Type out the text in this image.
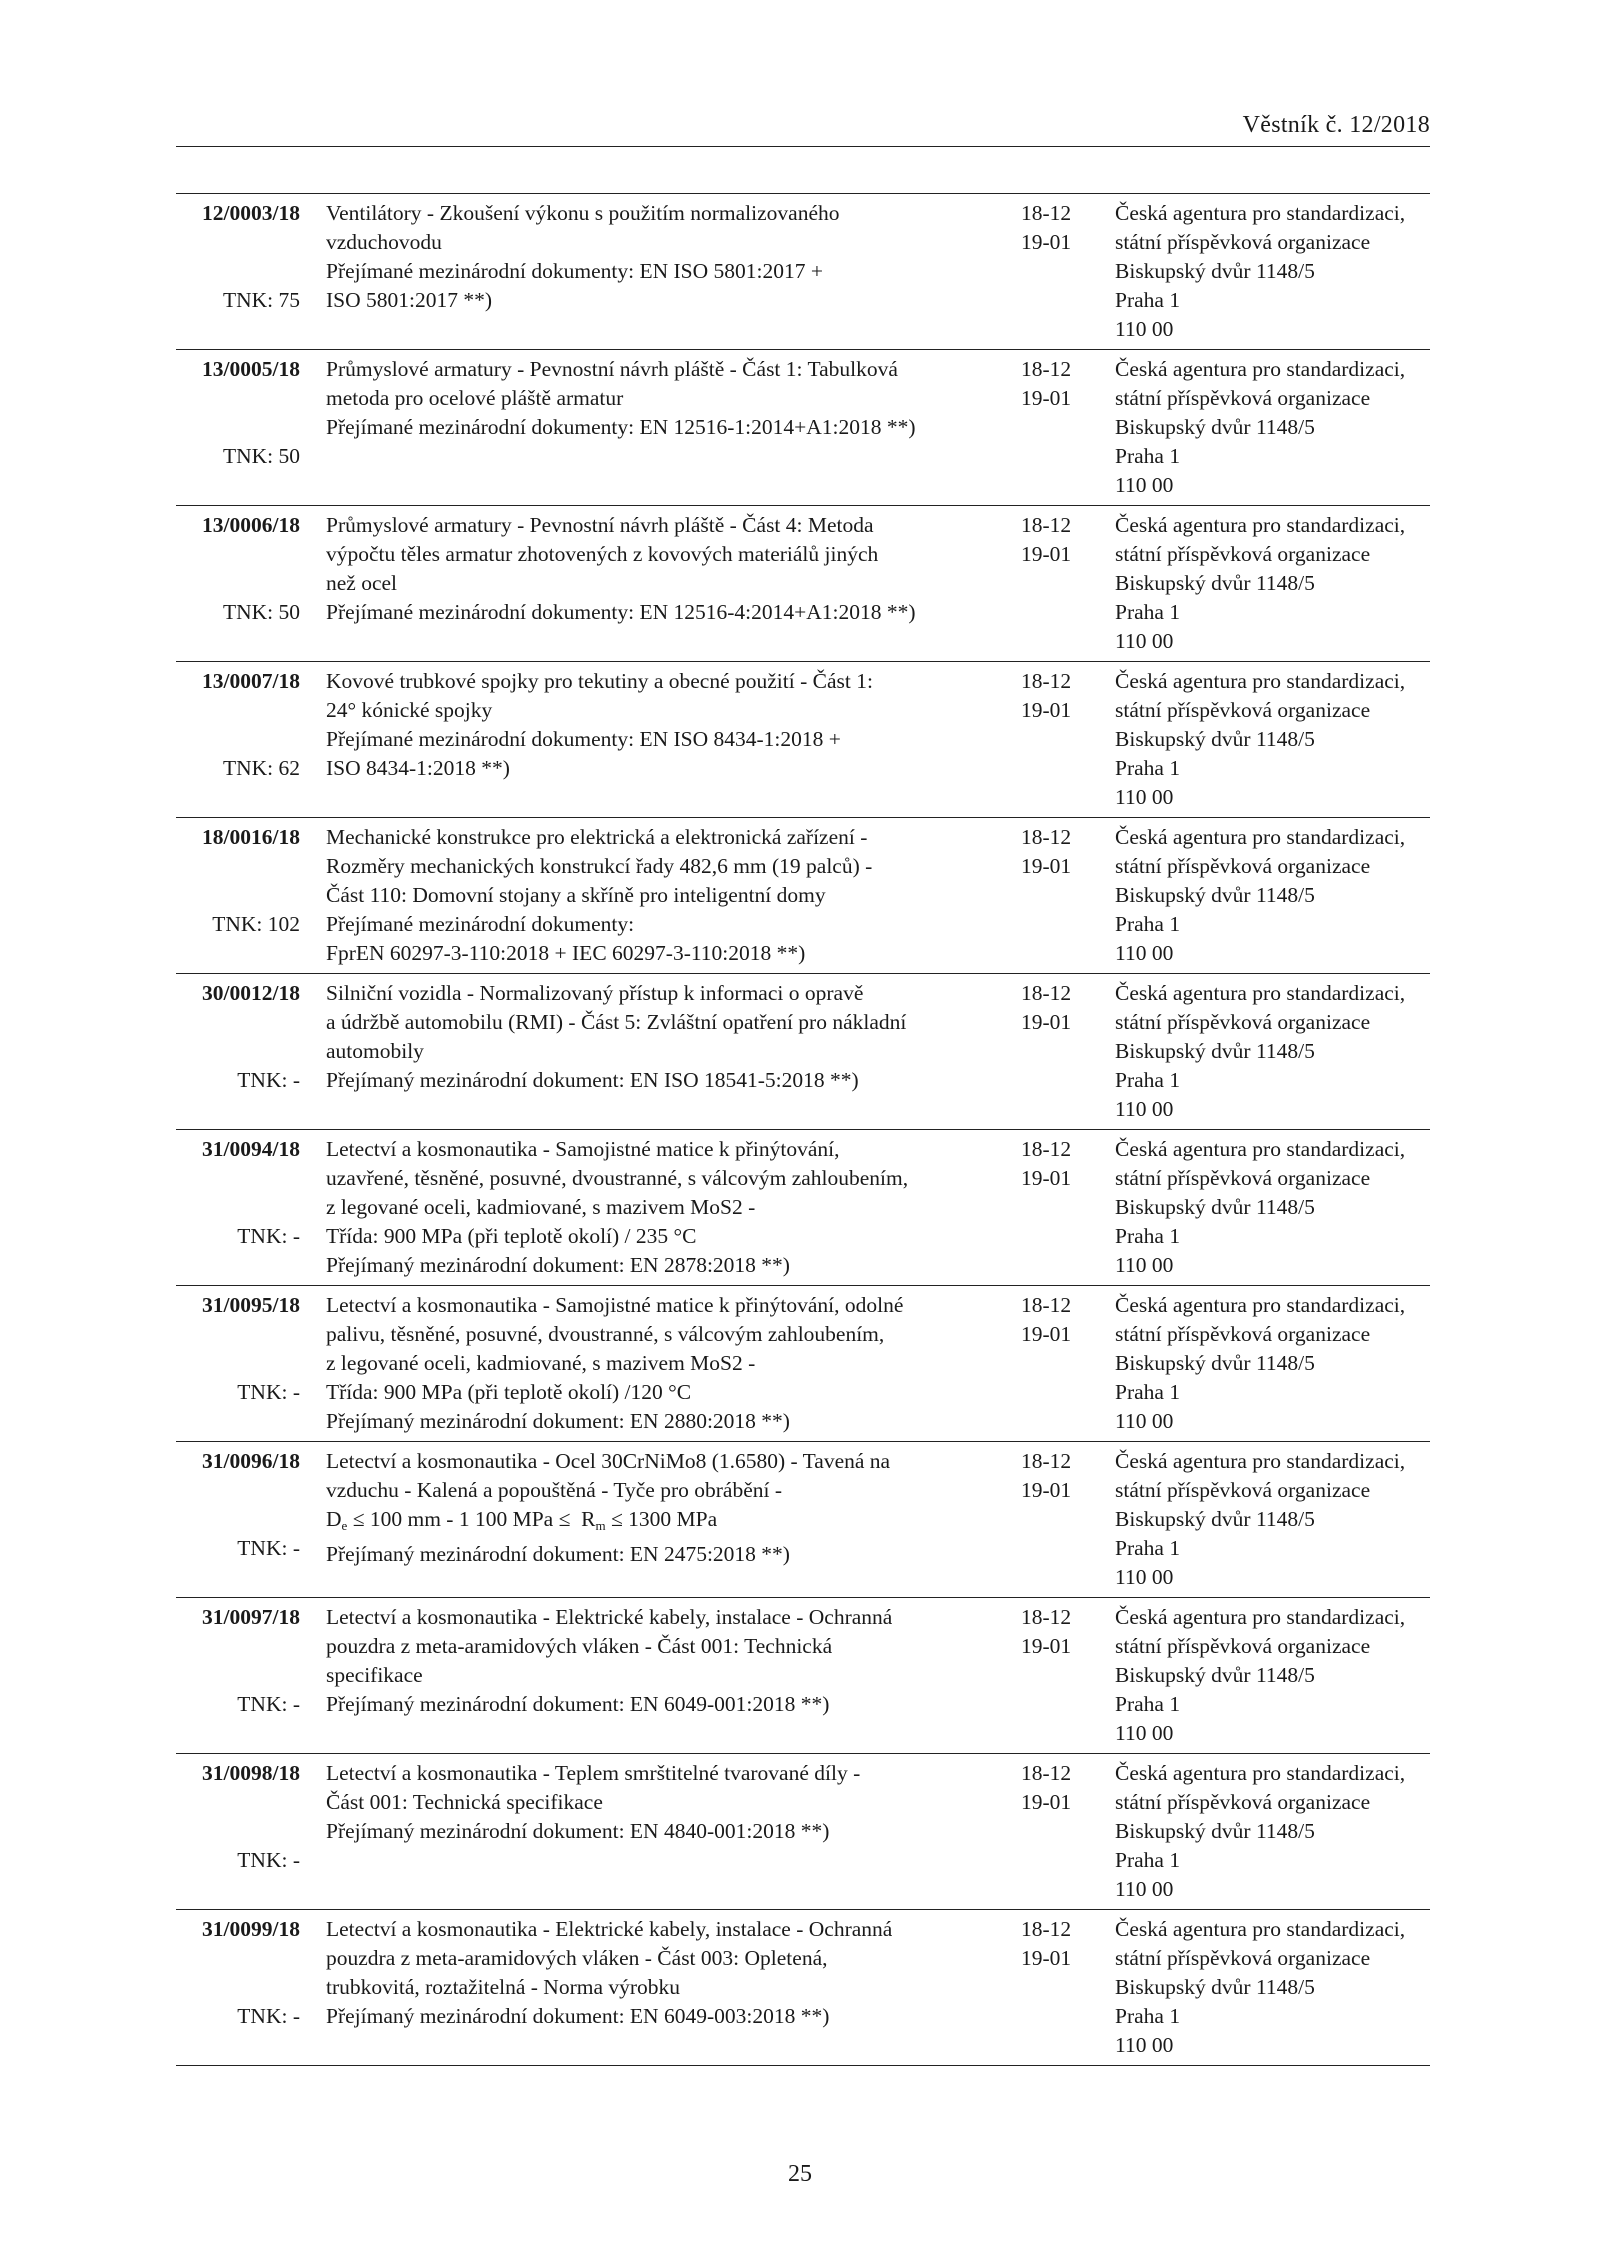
Věstník č. 12/2018
12/0003/18
TNK: 75
Ventilátory - Zkoušení výkonu s použitím normalizovaného
vzduchovodu
Přejímané mezinárodní dokumenty: EN ISO 5801:2017 +
ISO 5801:2017 **)
18-12
19-01
Česká agentura pro standardizaci,
státní příspěvková organizace
Biskupský dvůr 1148/5
Praha 1
110 00
13/0005/18
TNK: 50
Průmyslové armatury - Pevnostní návrh pláště - Část 1: Tabulková
metoda pro ocelové pláště armatur
Přejímané mezinárodní dokumenty: EN 12516-1:2014+A1:2018 **)
18-12
19-01
Česká agentura pro standardizaci,
státní příspěvková organizace
Biskupský dvůr 1148/5
Praha 1
110 00
13/0006/18
TNK: 50
Průmyslové armatury - Pevnostní návrh pláště - Část 4: Metoda
výpočtu těles armatur zhotovených z kovových materiálů jiných
než ocel
Přejímané mezinárodní dokumenty: EN 12516-4:2014+A1:2018 **)
18-12
19-01
Česká agentura pro standardizaci,
státní příspěvková organizace
Biskupský dvůr 1148/5
Praha 1
110 00
13/0007/18
TNK: 62
Kovové trubkové spojky pro tekutiny a obecné použití - Část 1:
24° kónické spojky
Přejímané mezinárodní dokumenty: EN ISO 8434-1:2018 +
ISO 8434-1:2018 **)
18-12
19-01
Česká agentura pro standardizaci,
státní příspěvková organizace
Biskupský dvůr 1148/5
Praha 1
110 00
18/0016/18
TNK: 102
Mechanické konstrukce pro elektrická a elektronická zařízení -
Rozměry mechanických konstrukcí řady 482,6 mm (19 palců) -
Část 110: Domovní stojany a skříně pro inteligentní domy
Přejímané mezinárodní dokumenty:
FprEN 60297-3-110:2018 + IEC 60297-3-110:2018 **)
18-12
19-01
Česká agentura pro standardizaci,
státní příspěvková organizace
Biskupský dvůr 1148/5
Praha 1
110 00
30/0012/18
TNK: -
Silniční vozidla - Normalizovaný přístup k informaci o opravě
a údržbě automobilu (RMI) - Část 5: Zvláštní opatření pro nákladní
automobily
Přejímaný mezinárodní dokument: EN ISO 18541-5:2018 **)
18-12
19-01
Česká agentura pro standardizaci,
státní příspěvková organizace
Biskupský dvůr 1148/5
Praha 1
110 00
31/0094/18
TNK: -
Letectví a kosmonautika - Samojistné matice k přinýtování,
uzavřené, těsněné, posuvné, dvoustranné, s válcovým zahloubením,
z legované oceli, kadmiované, s mazivem MoS2 -
Třída: 900 MPa (při teplotě okolí) / 235 °C
Přejímaný mezinárodní dokument: EN 2878:2018 **)
18-12
19-01
Česká agentura pro standardizaci,
státní příspěvková organizace
Biskupský dvůr 1148/5
Praha 1
110 00
31/0095/18
TNK: -
Letectví a kosmonautika - Samojistné matice k přinýtování, odolné
palivu, těsněné, posuvné, dvoustranné, s válcovým zahloubením,
z legované oceli, kadmiované, s mazivem MoS2 -
Třída: 900 MPa (při teplotě okolí) /120 °C
Přejímaný mezinárodní dokument: EN 2880:2018 **)
18-12
19-01
Česká agentura pro standardizaci,
státní příspěvková organizace
Biskupský dvůr 1148/5
Praha 1
110 00
31/0096/18
TNK: -
Letectví a kosmonautika - Ocel 30CrNiMo8 (1.6580) - Tavená na
vzduchu - Kalená a popouštěná - Tyče pro obrábění -
$D_e \le 100$ mm - 1 100 MPa ≤  $R_m \le 1300$ MPa
Přejímaný mezinárodní dokument: EN 2475:2018 **)
18-12
19-01
Česká agentura pro standardizaci,
státní příspěvková organizace
Biskupský dvůr 1148/5
Praha 1
110 00
31/0097/18
TNK: -
Letectví a kosmonautika - Elektrické kabely, instalace - Ochranná
pouzdra z meta-aramidových vláken - Část 001: Technická
specifikace
Přejímaný mezinárodní dokument: EN 6049-001:2018 **)
18-12
19-01
Česká agentura pro standardizaci,
státní příspěvková organizace
Biskupský dvůr 1148/5
Praha 1
110 00
31/0098/18
TNK: -
Letectví a kosmonautika - Teplem smrštitelné tvarované díly -
Část 001: Technická specifikace
Přejímaný mezinárodní dokument: EN 4840-001:2018 **)
18-12
19-01
Česká agentura pro standardizaci,
státní příspěvková organizace
Biskupský dvůr 1148/5
Praha 1
110 00
31/0099/18
TNK: -
Letectví a kosmonautika - Elektrické kabely, instalace - Ochranná
pouzdra z meta-aramidových vláken - Část 003: Opletená,
trubkovitá, roztažitelná - Norma výrobku
Přejímaný mezinárodní dokument: EN 6049-003:2018 **)
18-12
19-01
Česká agentura pro standardizaci,
státní příspěvková organizace
Biskupský dvůr 1148/5
Praha 1
110 00
25
